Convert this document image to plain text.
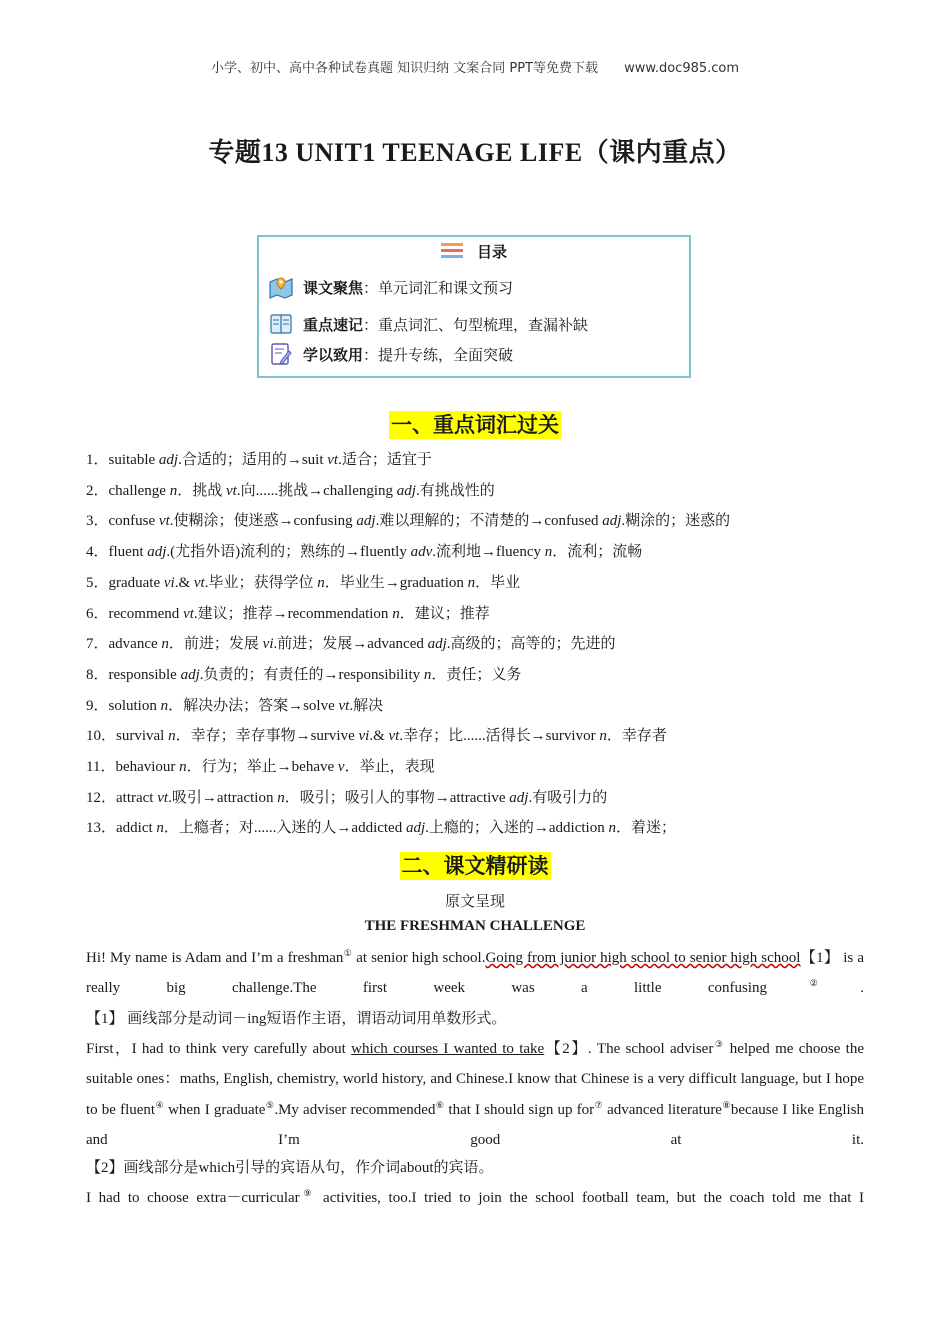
小学、初中、高中各种试卷真题 知识归纳 文案合同 PPT等免费下载 www.doc985.com
专题13 UNIT1 TEENAGE LIFE（课内重点）
目录
课文聚焦 ：单元词汇和课文预习
重点速记 ：重点词汇、句型梳理，查漏补缺
学以致用 ：提升专练，全面突破
一、重点词汇过关
1．suitable adj.合适的；适用的→suit vt.适合；适宜于
2．challenge n．挑战 vt.向......挑战→challenging adj.有挑战性的
3．confuse vt.使糊涂；使迷惑→confusing adj.难以理解的；不清楚的→confused adj.糊涂的；迷惑的
4．fluent adj.(尤指外语)流利的；熟练的→fluently adv.流利地→fluency n．流利；流畅
5．graduate vi.& vt.毕业；获得学位 n．毕业生→graduation n．毕业
6．recommend vt.建议；推荐→recommendation n．建议；推荐
7．advance n．前进；发展 vi.前进；发展→advanced adj.高级的；高等的；先进的
8．responsible adj.负责的；有责任的→responsibility n．责任；义务
9．solution n．解决办法；答案→solve vt.解决
10．survival n．幸存；幸存事物→survive vi.& vt.幸存；比......活得长→survivor n．幸存者
11．behaviour n．行为；举止→behave v．举止，表现
12．attract vt.吸引→attraction n．吸引；吸引人的事物→attractive adj.有吸引力的
13．addict n．上瘾者；对......入迷的人→addicted adj.上瘾的；入迷的→addiction n．着迷；
二、课文精研读
原文呈现
THE FRESHMAN CHALLENGE
Hi! My name is Adam and I’m a freshman① at senior high school.Going from junior high school to senior high school【1】 is a really big challenge.The first week was a little confusing②.
【1】 画线部分是动词－ing短语作主语，谓语动词用单数形式。
First，I had to think very carefully about which courses I wanted to take【2】. The school adviser③ helped me choose the suitable ones：maths, English, chemistry, world history, and Chinese.I know that Chinese is a very difficult language, but I hope to be fluent④ when I graduate⑤.My adviser recommended⑥ that I should sign up for⑦ advanced literature⑧because I like English and I’m good at it.
【2】画线部分是which引导的宾语从句，作介词about的宾语。
I had to choose extra－curricular⑨ activities, too.I tried to join the school football team, but the coach told me that I
